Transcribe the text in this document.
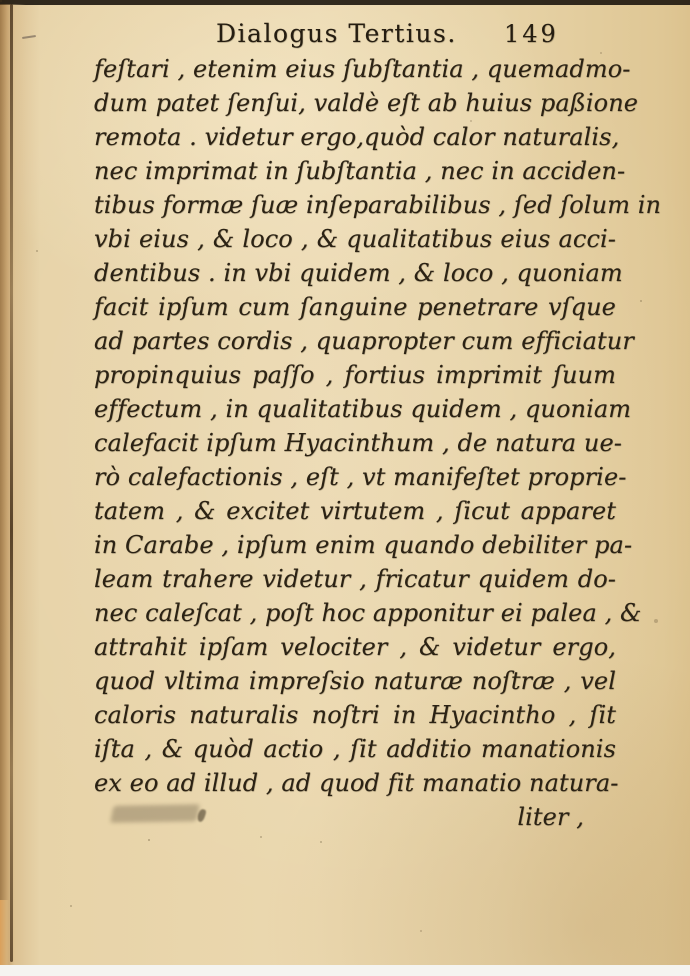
Dialogus Tertius. 149
feſtari , etenim eius ſubſtantia , quemadmo-
dum patet ſenſui, valdè eſt ab huius paßione
remota . videtur ergo,quòd calor naturalis,
nec imprimat in ſubſtantia , nec in acciden-
tibus formæ ſuæ inſeparabilibus , ſed ſolum in
vbi eius , & loco , & qualitatibus eius acci-
dentibus . in vbi quidem , & loco , quoniam
facit ipſum cum ſanguine penetrare vſque
ad partes cordis , quapropter cum efficiatur
propinquius paſſo , fortius imprimit ſuum
effectum , in qualitatibus quidem , quoniam
calefacit ipſum Hyacinthum , de natura ue-
rò calefactionis , eſt , vt manifeſtet proprie-
tatem , & excitet virtutem , ſicut apparet
in Carabe , ipſum enim quando debiliter pa-
leam trahere videtur , fricatur quidem do-
nec caleſcat , poſt hoc apponitur ei palea , &
attrahit ipſam velociter , & videtur ergo,
quod vltima impreſsio naturæ noſtræ , vel
caloris naturalis noſtri in Hyacintho , ſit
iſta , & quòd actio , ſit additio manationis
ex eo ad illud , ad quod fit manatio natura-
liter ,
